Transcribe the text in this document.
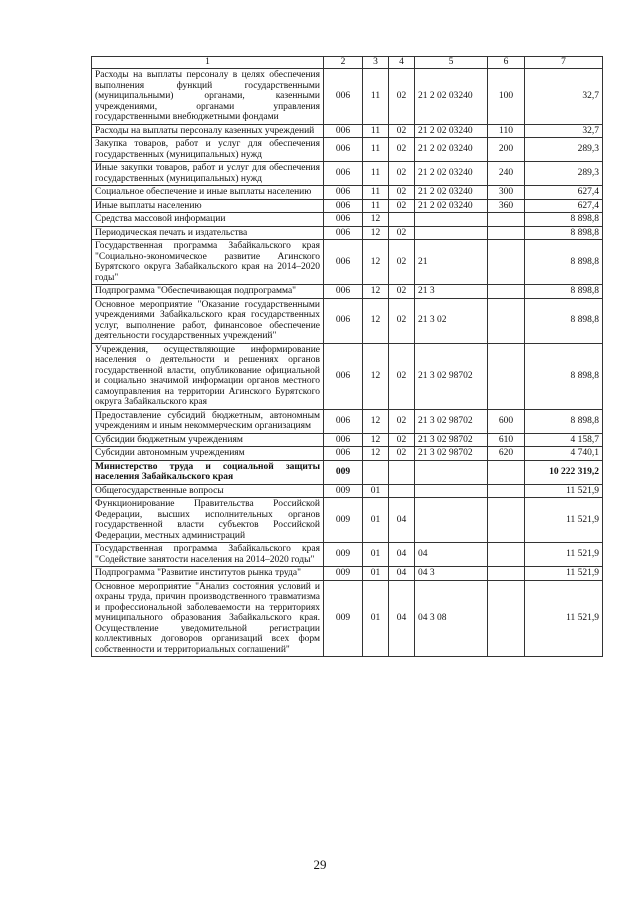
1	2	3	4	5	6	7
Расходы на выплаты персоналу в целях обеспечения выполнения функций государственными (муниципальными) органами, казенными учреждениями, органами управления государственными внебюджетными фондами	006	11	02	21 2 02 03240	100	32,7
Расходы на выплаты персоналу казенных учреждений	006	11	02	21 2 02 03240	110	32,7
Закупка товаров, работ и услуг для обеспечения государственных (муниципальных) нужд	006	11	02	21 2 02 03240	200	289,3
Иные закупки товаров, работ и услуг для обеспечения государственных (муниципальных) нужд	006	11	02	21 2 02 03240	240	289,3
Социальное обеспечение и иные выплаты населению	006	11	02	21 2 02 03240	300	627,4
Иные выплаты населению	006	11	02	21 2 02 03240	360	627,4
Средства массовой информации	006	12				8 898,8
Периодическая печать и издательства	006	12	02			8 898,8
Государственная программа Забайкальского края "Социально-экономическое развитие Агинского Бурятского округа Забайкальского края на 2014–2020 годы"	006	12	02	21		8 898,8
Подпрограмма "Обеспечивающая подпрограмма"	006	12	02	21 3		8 898,8
Основное мероприятие "Оказание государственными учреждениями Забайкальского края государственных услуг, выполнение работ, финансовое обеспечение деятельности государственных учреждений"	006	12	02	21 3 02		8 898,8
Учреждения, осуществляющие информирование населения о деятельности и решениях органов государственной власти, опубликование официальной и социально значимой информации органов местного самоуправления на территории Агинского Бурятского округа Забайкальского края	006	12	02	21 3 02 98702		8 898,8
Предоставление субсидий бюджетным, автономным учреждениям и иным некоммерческим организациям	006	12	02	21 3 02 98702	600	8 898,8
Субсидии бюджетным учреждениям	006	12	02	21 3 02 98702	610	4 158,7
Субсидии автономным учреждениям	006	12	02	21 3 02 98702	620	4 740,1
Министерство труда и социальной защиты населения Забайкальского края	009					10 222 319,2
Общегосударственные вопросы	009	01				11 521,9
Функционирование Правительства Российской Федерации, высших исполнительных органов государственной власти субъектов Российской Федерации, местных администраций	009	01	04			11 521,9
Государственная программа Забайкальского края "Содействие занятости населения на 2014–2020 годы"	009	01	04	04		11 521,9
Подпрограмма "Развитие институтов рынка труда"	009	01	04	04 3		11 521,9
Основное мероприятие "Анализ состояния условий и охраны труда, причин производственного травматизма и профессиональной заболеваемости на территориях муниципального образования Забайкальского края. Осуществление уведомительной регистрации коллективных договоров организаций всех форм собственности и территориальных соглашений"	009	01	04	04 3 08		11 521,9
29
